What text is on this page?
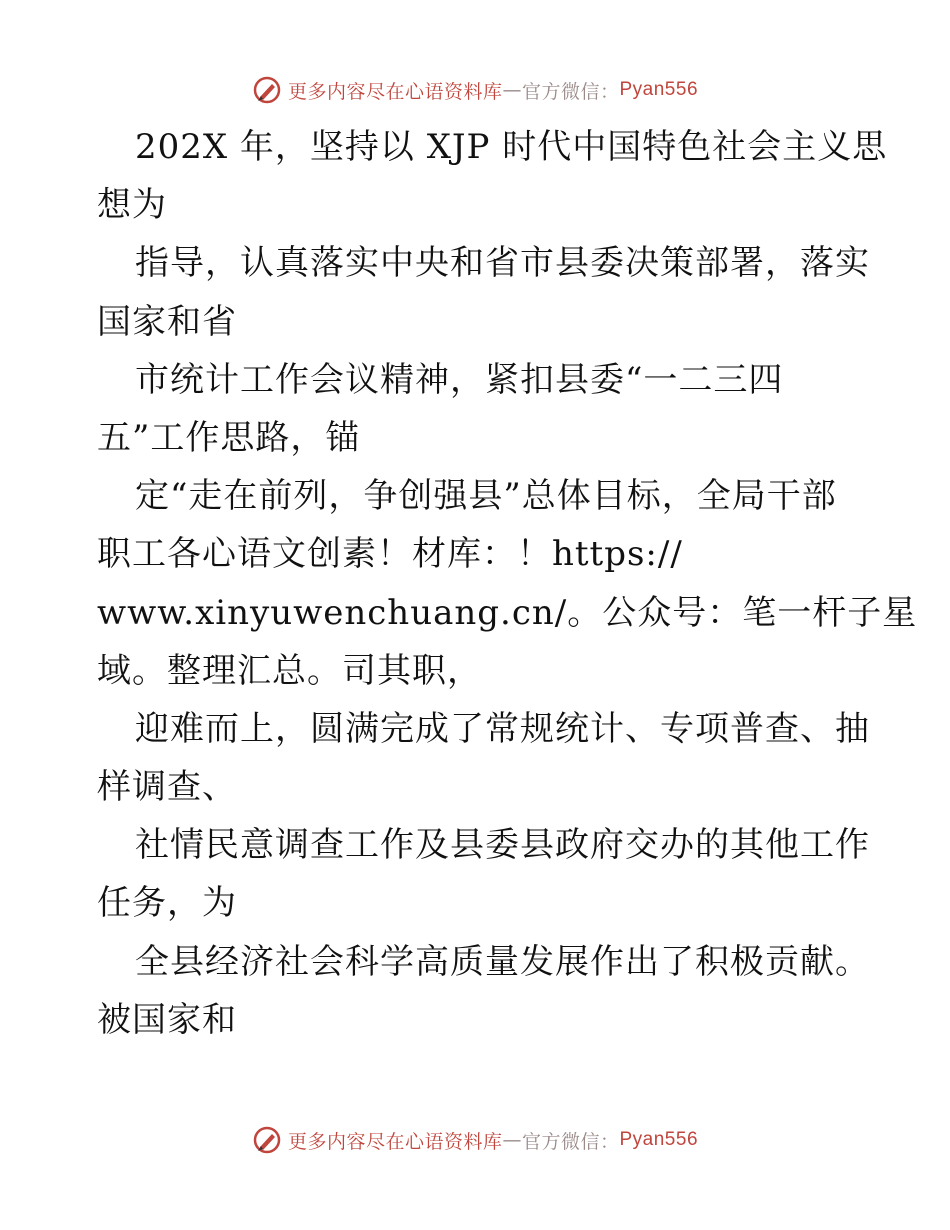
更多内容尽在心语资料库 — 官方微信： Pyan556
202X 年，坚持以 XJP 时代中国特色社会主义思
想为
指导，认真落实中央和省市县委决策部署，落实
国家和省
市统计工作会议精神，紧扣县委“一二三四
五”工作思路，锚
定“走在前列，争创强县”总体目标，全局干部
职工各心语文创素！材库：！https://
www.xinyuwenchuang.cn/。公众号：笔一杆子星
域。整理汇总。司其职，
迎难而上，圆满完成了常规统计、专项普查、抽
样调查、
社情民意调查工作及县委县政府交办的其他工作
任务，为
全县经济社会科学高质量发展作出了积极贡献。
被国家和
更多内容尽在心语资料库 — 官方微信： Pyan556
